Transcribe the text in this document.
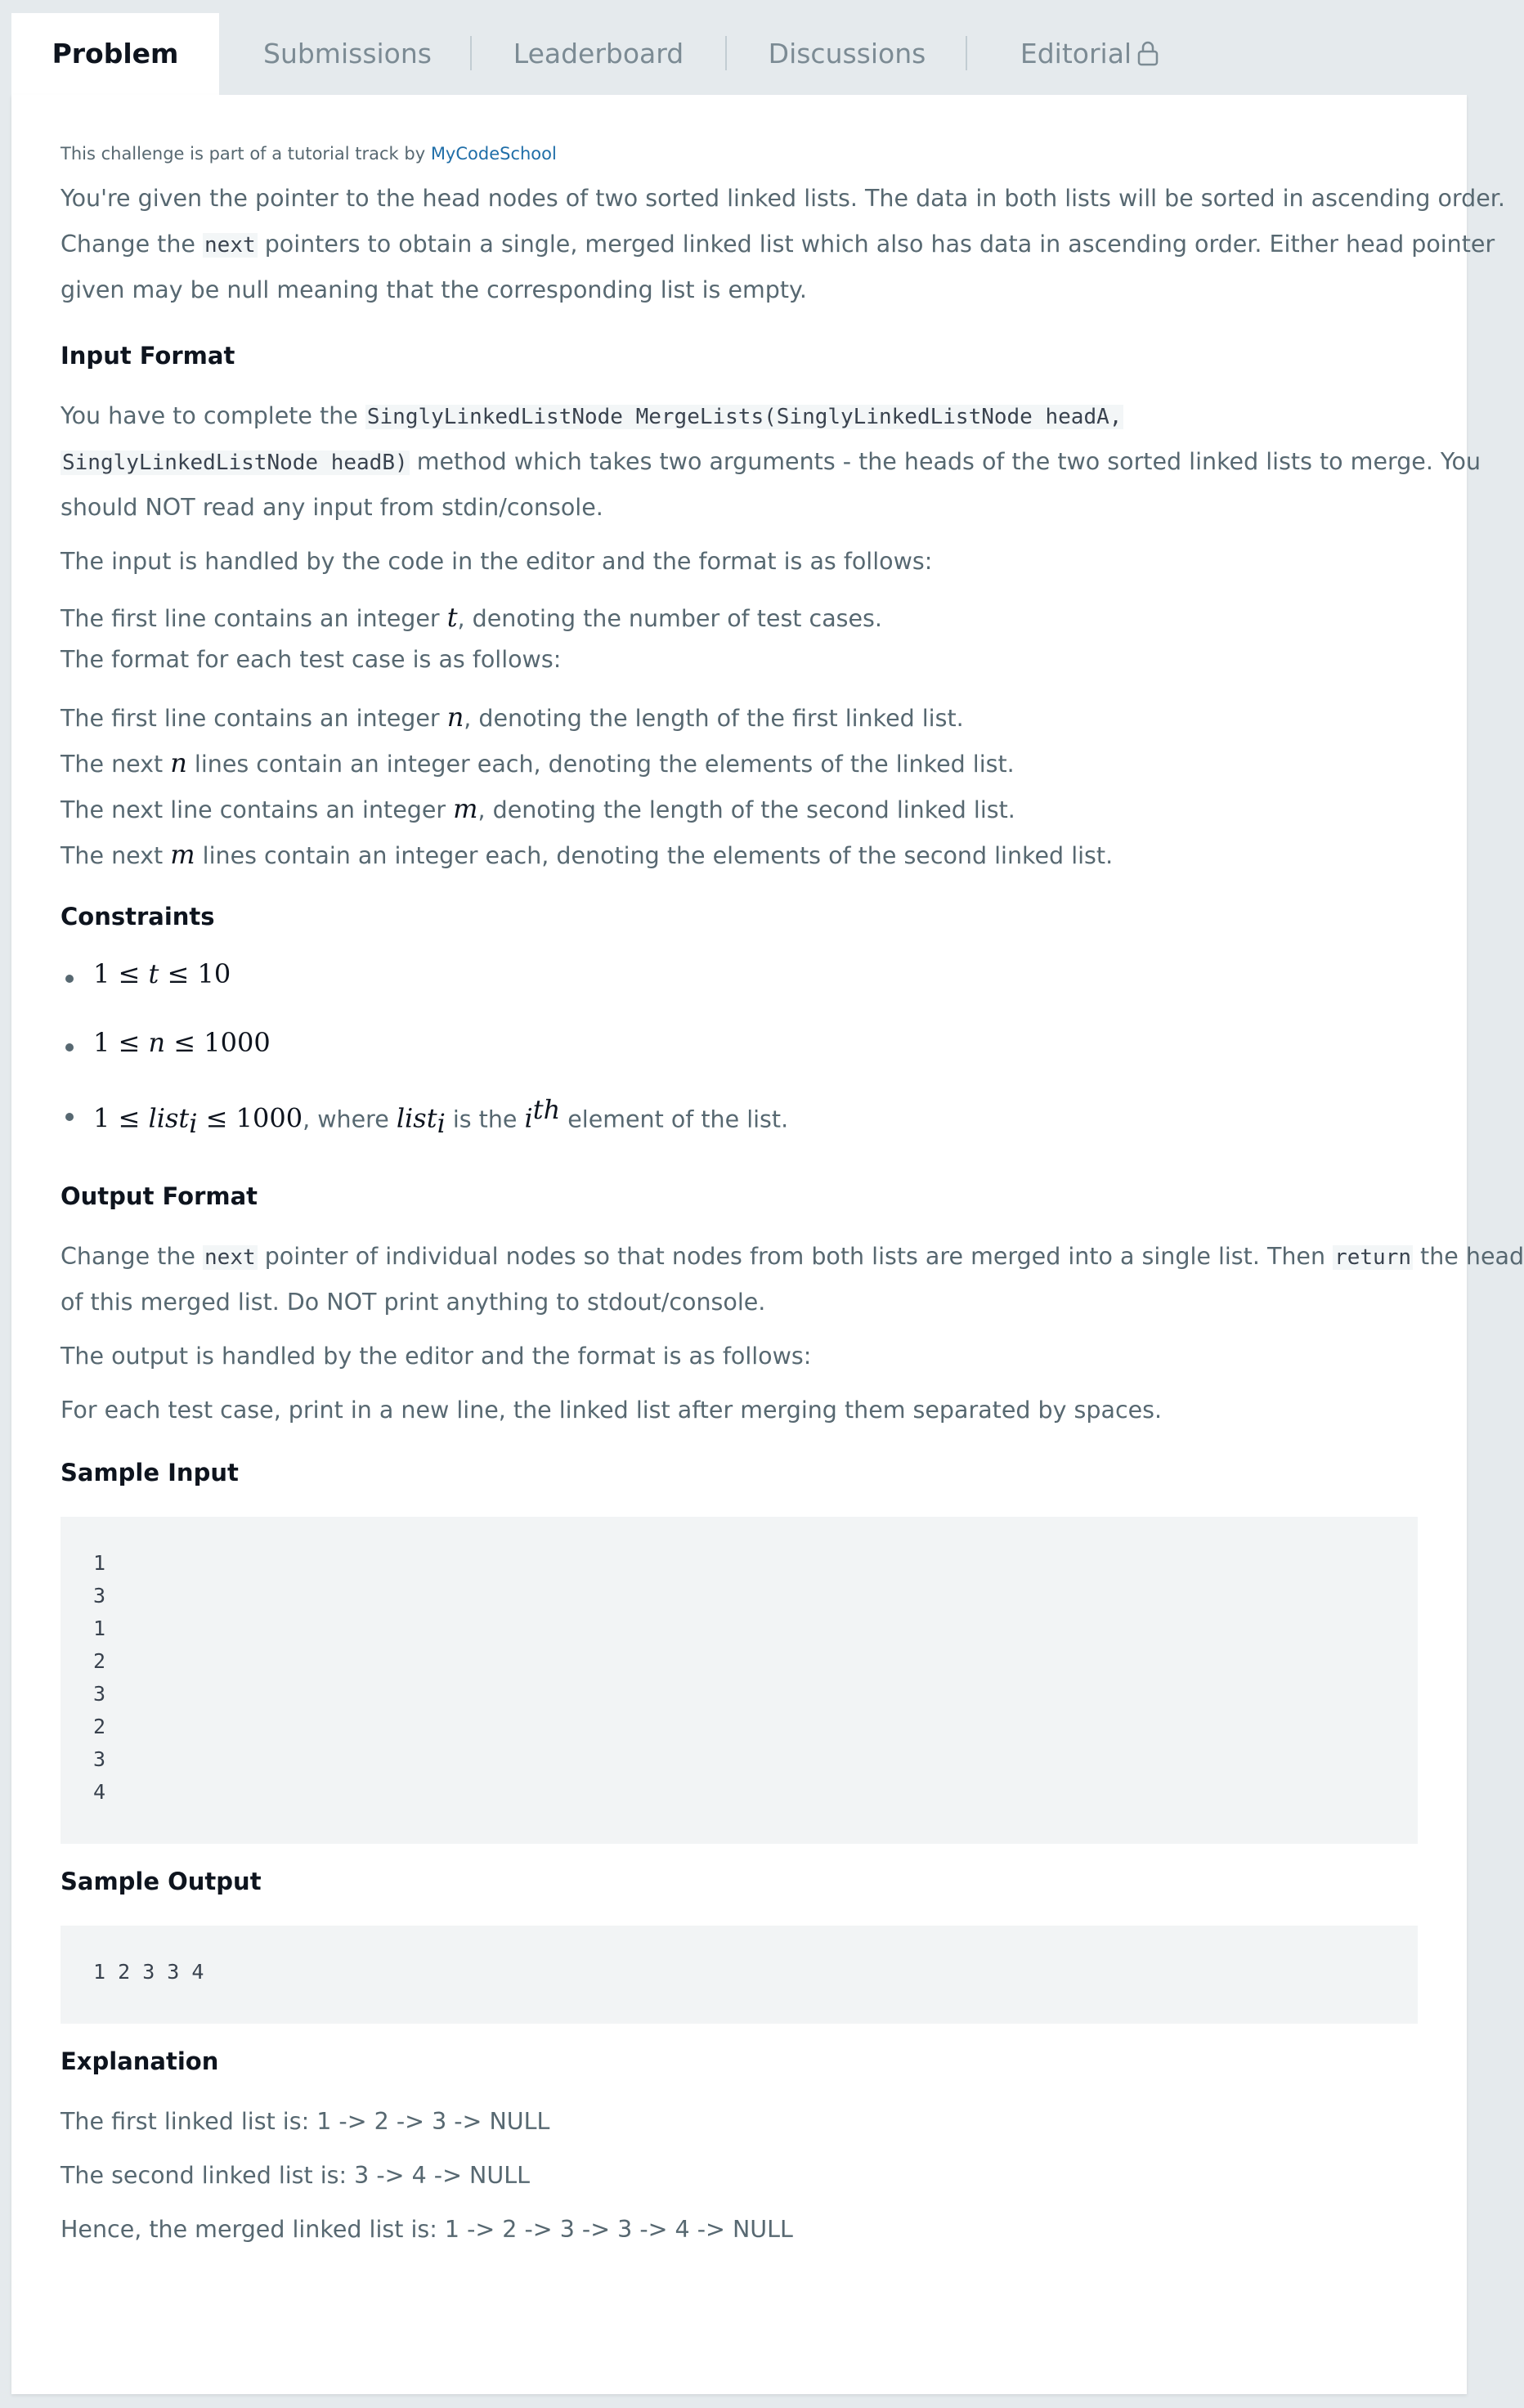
Problem	Submissions	Leaderboard	Discussions	Editorial
This challenge is part of a tutorial track by MyCodeSchool
You're given the pointer to the head nodes of two sorted linked lists. The data in both lists will be sorted in ascending order.
Change the next pointers to obtain a single, merged linked list which also has data in ascending order. Either head pointer
given may be null meaning that the corresponding list is empty.
Input Format
You have to complete the SinglyLinkedListNode MergeLists(SinglyLinkedListNode headA,
SinglyLinkedListNode headB) method which takes two arguments - the heads of the two sorted linked lists to merge. You
should NOT read any input from stdin/console.
The input is handled by the code in the editor and the format is as follows:
The first line contains an integer t, denoting the number of test cases.
The format for each test case is as follows:
The first line contains an integer n, denoting the length of the first linked list.
The next n lines contain an integer each, denoting the elements of the linked list.
The next line contains an integer m, denoting the length of the second linked list.
The next m lines contain an integer each, denoting the elements of the second linked list.
Constraints
1 ≤ t ≤ 10
1 ≤ n ≤ 1000
1 ≤ list$_i$ ≤ 1000, where list$_i$ is the $i^{th}$ element of the list.
Output Format
Change the next pointer of individual nodes so that nodes from both lists are merged into a single list. Then return the head
of this merged list. Do NOT print anything to stdout/console.
The output is handled by the editor and the format is as follows:
For each test case, print in a new line, the linked list after merging them separated by spaces.
Sample Input
1
3
1
2
3
2
3
4
Sample Output
1 2 3 3 4
Explanation
The first linked list is: 1 -> 2 -> 3 -> NULL
The second linked list is: 3 -> 4 -> NULL
Hence, the merged linked list is: 1 -> 2 -> 3 -> 3 -> 4 -> NULL
